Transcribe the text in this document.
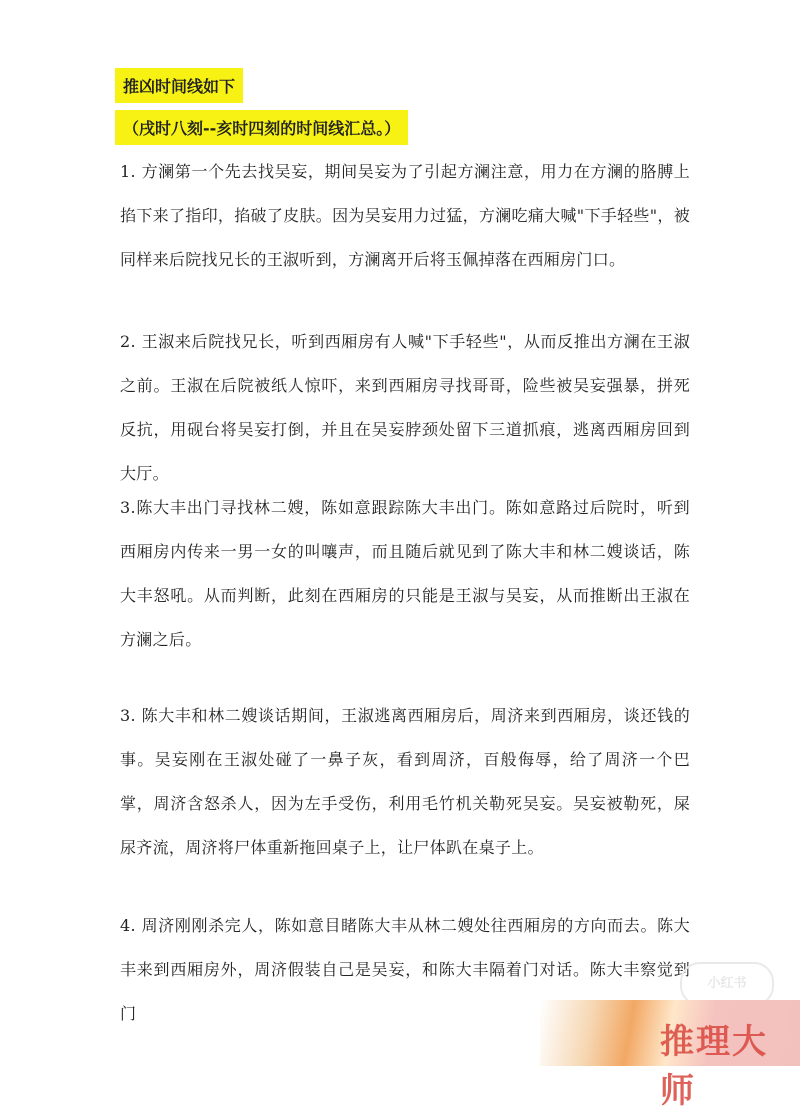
推凶时间线如下
（戌时八刻--亥时四刻的时间线汇总。）
1. 方澜第一个先去找吴妄，期间吴妄为了引起方澜注意，用力在方澜的胳膊上掐下来了指印，掐破了皮肤。因为吴妄用力过猛，方澜吃痛大喊"下手轻些"，被同样来后院找兄长的王淑听到，方澜离开后将玉佩掉落在西厢房门口。
2. 王淑来后院找兄长，听到西厢房有人喊"下手轻些"，从而反推出方澜在王淑之前。王淑在后院被纸人惊吓，来到西厢房寻找哥哥，险些被吴妄强暴，拼死反抗，用砚台将吴妄打倒，并且在吴妄脖颈处留下三道抓痕，逃离西厢房回到大厅。
3.陈大丰出门寻找林二嫂，陈如意跟踪陈大丰出门。陈如意路过后院时，听到西厢房内传来一男一女的叫嚷声，而且随后就见到了陈大丰和林二嫂谈话，陈大丰怒吼。从而判断，此刻在西厢房的只能是王淑与吴妄，从而推断出王淑在方澜之后。
3. 陈大丰和林二嫂谈话期间，王淑逃离西厢房后，周济来到西厢房，谈还钱的事。吴妄刚在王淑处碰了一鼻子灰，看到周济，百般侮辱，给了周济一个巴掌，周济含怒杀人，因为左手受伤，利用毛竹机关勒死吴妄。吴妄被勒死，屎尿齐流，周济将尸体重新拖回桌子上，让尸体趴在桌子上。
4. 周济刚刚杀完人，陈如意目睹陈大丰从林二嫂处往西厢房的方向而去。陈大丰来到西厢房外，周济假装自己是吴妄，和陈大丰隔着门对话。陈大丰察觉到门
小红书
推理大师
